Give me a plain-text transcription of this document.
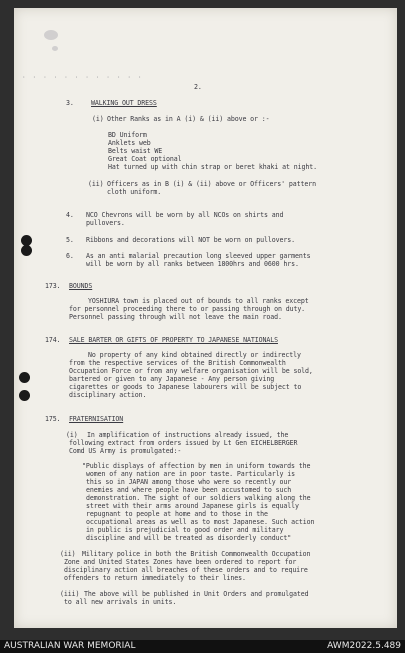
·  ·  ·  ·  ·  ·  ·  ·  ·  ·  ·  ·
2.
3.	WALKING OUT DRESS
(i) Other Ranks as in A (i) & (ii) above or :-
BD Uniform
Anklets web
Belts waist WE
Great Coat optional
Hat turned up with chin strap or beret khaki at night.
(ii) Officers as in B (i) & (ii) above or Officers' pattern
cloth uniform.
4. NCO Chevrons will be worn by all NCOs on shirts and
pullovers.
5. Ribbons and decorations will NOT be worn on pullovers.
6. As an anti malarial precaution long sleeved upper garments
will be worn by all ranks between 1800hrs and 0600 hrs.
173. BOUNDS
YOSHIURA town is placed out of bounds to all ranks except
for personnel proceeding there to or passing through on duty.
Personnel passing through will not leave the main road.
174. SALE BARTER OR GIFTS OF PROPERTY TO JAPANESE NATIONALS
No property of any kind obtained directly or indirectly
from the respective services of the British Commonwealth
Occupation Force or from any welfare organisation will be sold,
bartered or given to any Japanese - Any person giving
cigarettes or goods to Japanese labourers will be subject to
disciplinary action.
175. FRATERNISATION
(i) In amplification of instructions already issued, the
following extract from orders issued by Lt Gen EICHELBERGER
Comd US Army is promulgated:-
"Public displays of affection by men in uniform towards the
women of any nation are in poor taste. Particularly is
this so in JAPAN among those who were so recently our
enemies and where people have been accustomed to such
demonstration. The sight of our soldiers walking along the
street with their arms around Japanese girls is equally
repugnant to people at home and to those in the
occupational areas as well as to most Japanese. Such action
in public is prejudicial to good order and military
discipline and will be treated as disorderly conduct"
(ii) Military police in both the British Commonwealth Occupation
Zone and United States Zones have been ordered to report for
disciplinary action all breaches of these orders and to require
offenders to return immediately to their lines.
(iii) The above will be published in Unit Orders and promulgated
to all new arrivals in units.
AUSTRALIAN WAR MEMORIAL	AWM2022.5.489
